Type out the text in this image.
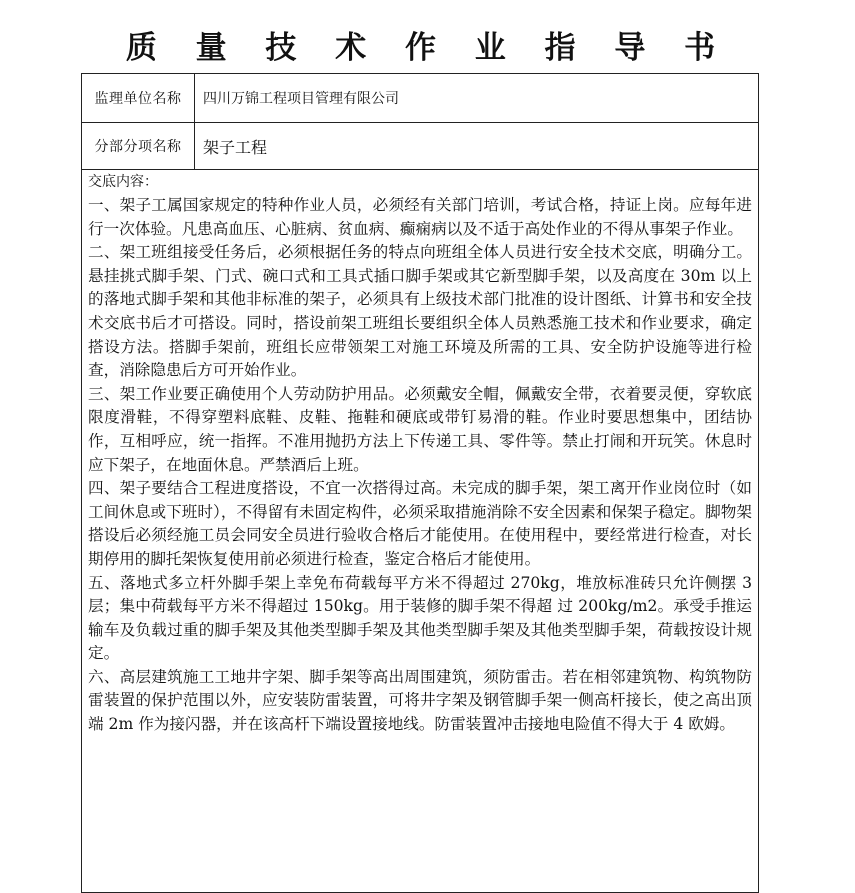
质 量 技 术 作 业 指 导 书
监理单位名称	四川万锦工程项目管理有限公司
分部分项名称	架子工程

交底内容：

一、架子工属国家规定的特种作业人员，必须经有关部门培训，考试合格，持证上岗。应每年进行一次体验。凡患高血压、心脏病、贫血病、癫痫病以及不适于高处作业的不得从事架子作业。

二、架工班组接受任务后，必须根据任务的特点向班组全体人员进行安全技术交底，明确分工。悬挂挑式脚手架、门式、碗口式和工具式插口脚手架或其它新型脚手架，以及高度在 30m 以上的落地式脚手架和其他非标准的架子，必须具有上级技术部门批准的设计图纸、计算书和安全技术交底书后才可搭设。同时，搭设前架工班组长要组织全体人员熟悉施工技术和作业要求，确定搭设方法。搭脚手架前，班组长应带领架工对施工环境及所需的工具、安全防护设施等进行检查，消除隐患后方可开始作业。

三、架工作业要正确使用个人劳动防护用品。必须戴安全帽，佩戴安全带，衣着要灵便，穿软底限度滑鞋，不得穿塑料底鞋、皮鞋、拖鞋和硬底或带钉易滑的鞋。作业时要思想集中，团结协作，互相呼应，统一指挥。不准用抛扔方法上下传递工具、零件等。禁止打闹和开玩笑。休息时应下架子，在地面休息。严禁酒后上班。

四、架子要结合工程进度搭设，不宜一次搭得过高。未完成的脚手架，架工离开作业岗位时（如工间休息或下班时），不得留有未固定构件，必须采取措施消除不安全因素和保架子稳定。脚物架搭设后必须经施工员会同安全员进行验收合格后才能使用。在使用程中，要经常进行检查，对长期停用的脚托架恢复使用前必须进行检查，鉴定合格后才能使用。

五、落地式多立杆外脚手架上幸免布荷载每平方米不得超过 270kg，堆放标准砖只允许侧摆 3 层；集中荷载每平方米不得超过 150kg。用于装修的脚手架不得超 过 200kg/m2。承受手推运输车及负载过重的脚手架及其他类型脚手架及其他类型脚手架及其他类型脚手架，荷载按设计规定。

六、高层建筑施工工地井字架、脚手架等高出周围建筑，须防雷击。若在相邻建筑物、构筑物防雷装置的保护范围以外，应安装防雷装置，可将井字架及钢管脚手架一侧高杆接长，使之高出顶端 2m 作为接闪器，并在该高杆下端设置接地线。防雷装置冲击接地电险值不得大于 4 欧姆。
